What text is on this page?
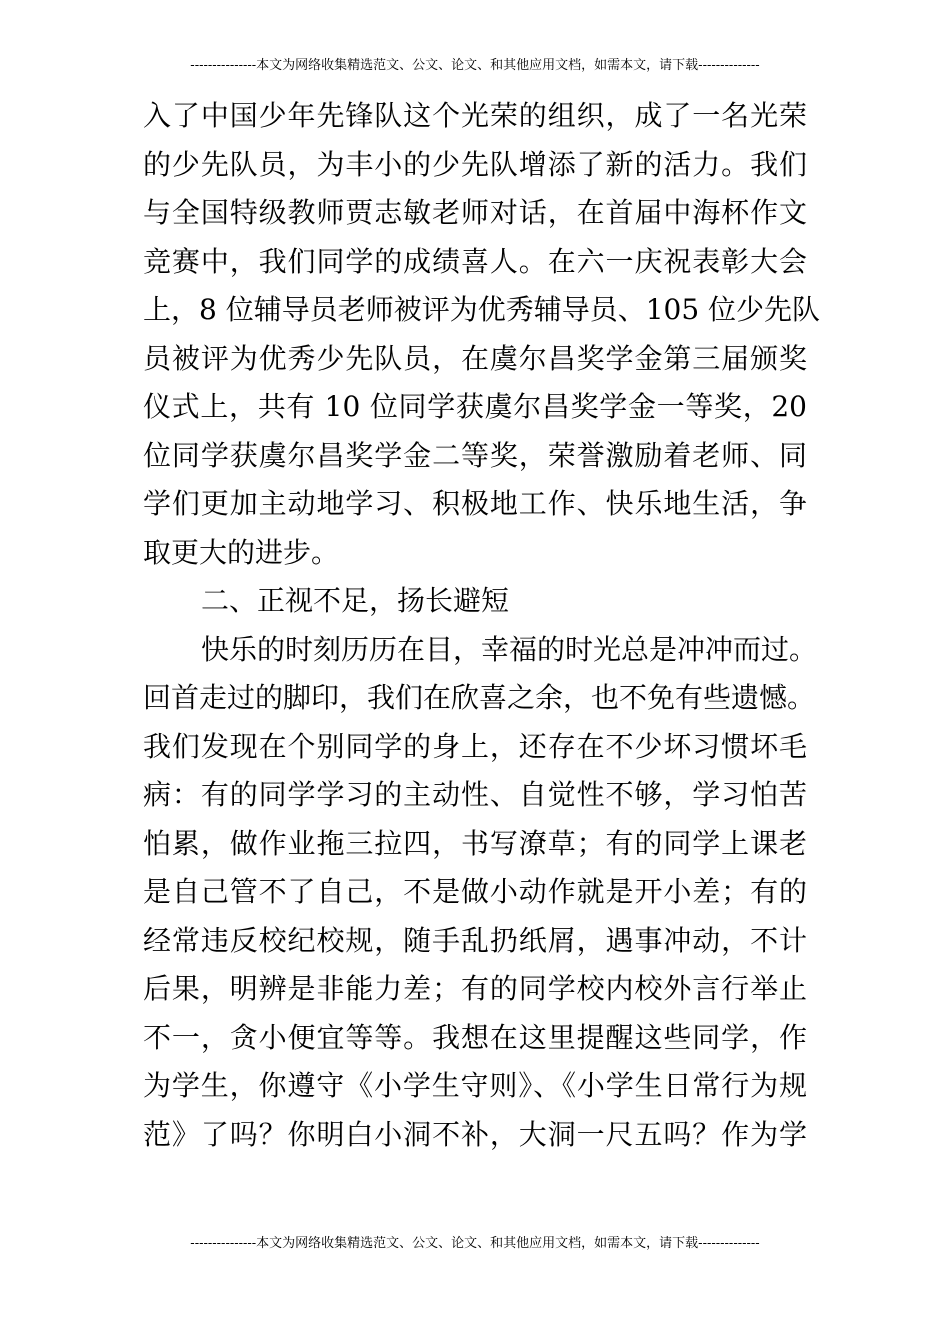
---------------本文为网络收集精选范文、公文、论文、和其他应用文档，如需本文，请下载--------------
入了中国少年先锋队这个光荣的组织，成了一名光荣
的少先队员，为丰小的少先队增添了新的活力。我们
与全国特级教师贾志敏老师对话，在首届中海杯作文
竞赛中，我们同学的成绩喜人。在六一庆祝表彰大会
上，8 位辅导员老师被评为优秀辅导员、105 位少先队
员被评为优秀少先队员，在虞尔昌奖学金第三届颁奖
仪式上，共有 10 位同学获虞尔昌奖学金一等奖，20
位同学获虞尔昌奖学金二等奖，荣誉激励着老师、同
学们更加主动地学习、积极地工作、快乐地生活，争
取更大的进步。
二、正视不足，扬长避短
快乐的时刻历历在目，幸福的时光总是冲冲而过。
回首走过的脚印，我们在欣喜之余，也不免有些遗憾。
我们发现在个别同学的身上，还存在不少坏习惯坏毛
病：有的同学学习的主动性、自觉性不够，学习怕苦
怕累，做作业拖三拉四，书写潦草；有的同学上课老
是自己管不了自己，不是做小动作就是开小差；有的
经常违反校纪校规，随手乱扔纸屑，遇事冲动，不计
后果，明辨是非能力差；有的同学校内校外言行举止
不一，贪小便宜等等。我想在这里提醒这些同学，作
为学生，你遵守《小学生守则》、《小学生日常行为规
范》了吗？你明白小洞不补，大洞一尺五吗？作为学
---------------本文为网络收集精选范文、公文、论文、和其他应用文档，如需本文，请下载--------------
